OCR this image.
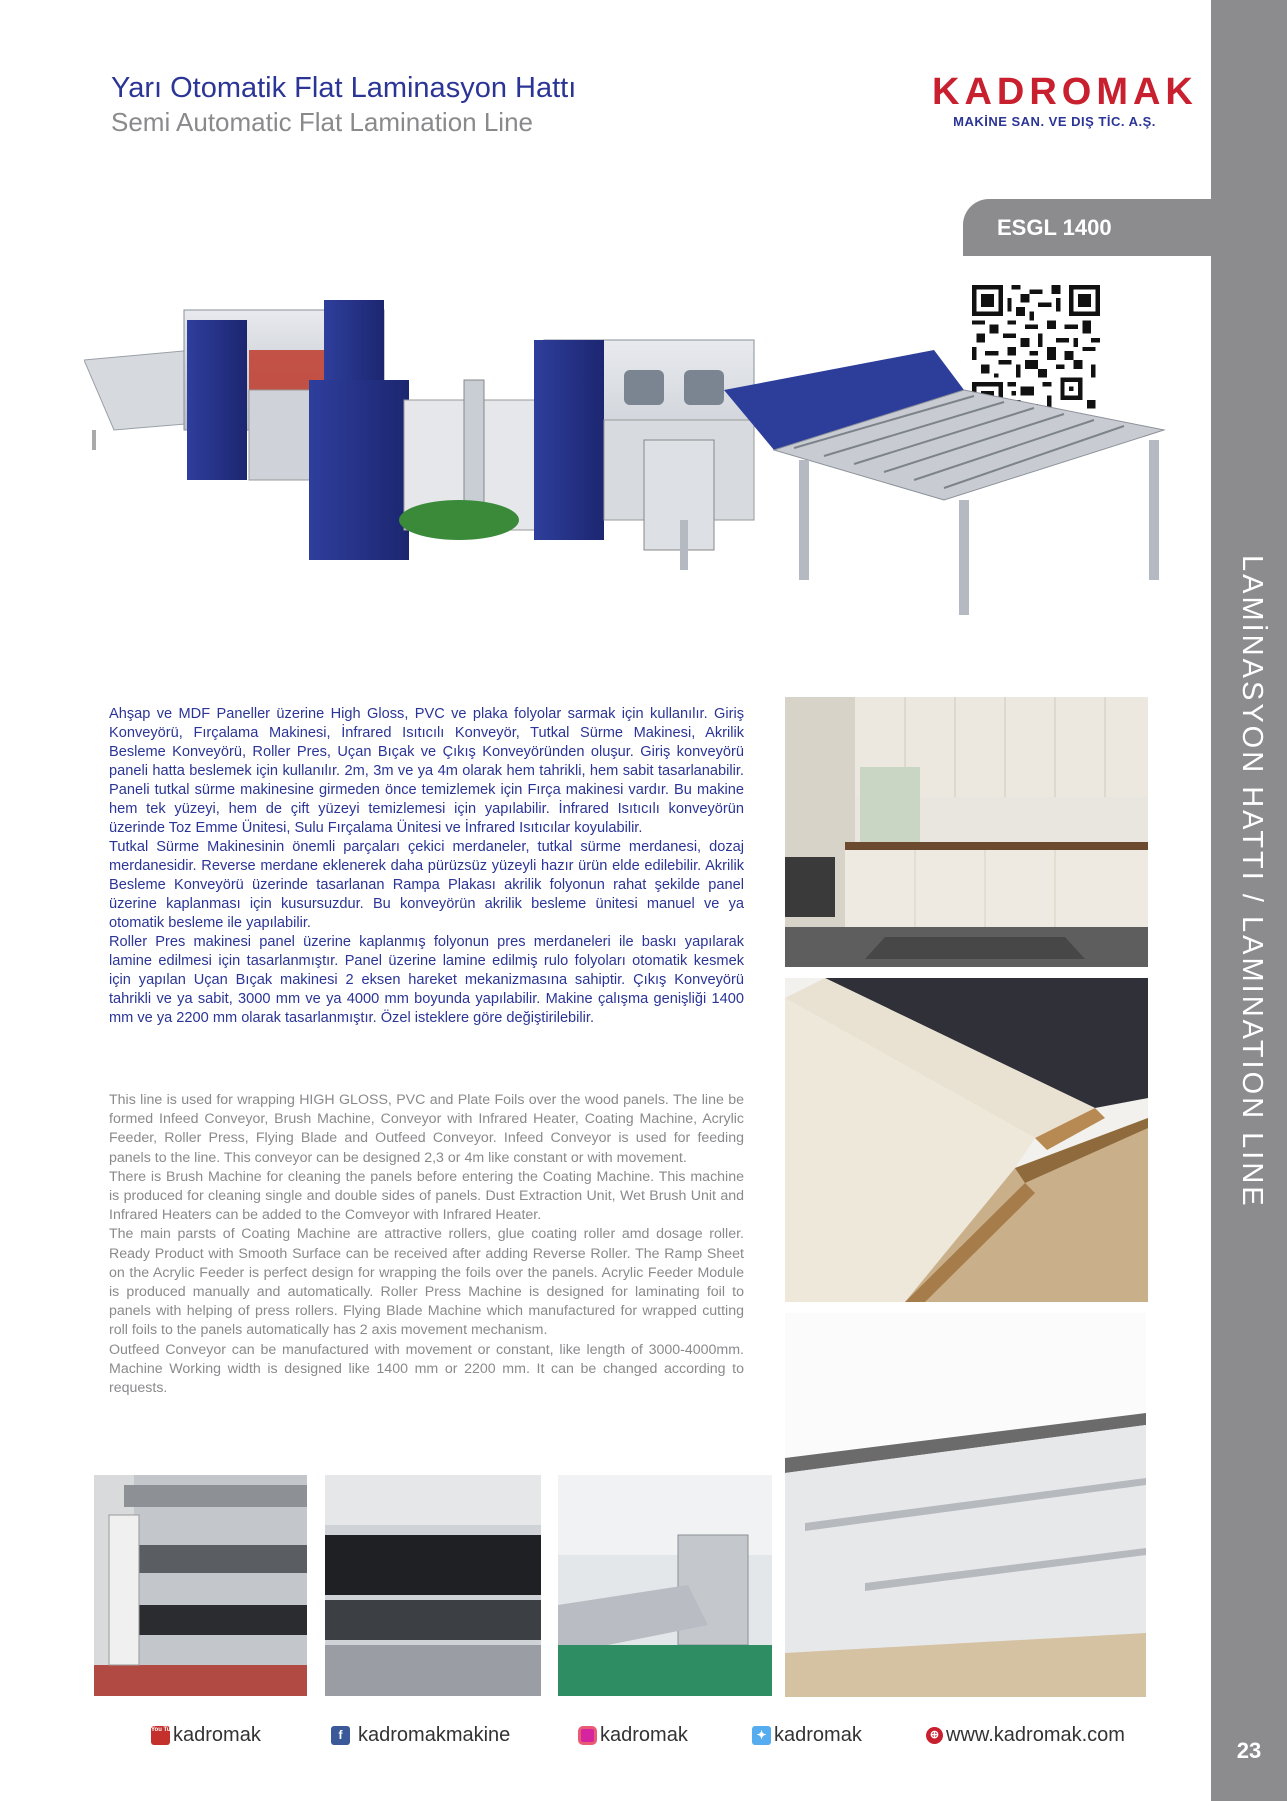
LAMİNASYON HATTI / LAMINATION LINE
23
ESGL 1400
Yarı Otomatik Flat Laminasyon Hattı
Semi Automatic Flat Lamination Line
KADROMAK
MAKİNE SAN. VE DIŞ TİC. A.Ş.

Ahşap ve MDF Paneller üzerine High Gloss, PVC ve plaka folyolar sarmak için kullanılır. Giriş Konveyörü, Fırçalama Makinesi, İnfrared Isıtıcılı Konveyör, Tutkal Sürme Makinesi, Akrilik Besleme Konveyörü, Roller Pres, Uçan Bıçak ve Çıkış Konveyöründen oluşur. Giriş konveyörü paneli hatta beslemek için kullanılır. 2m, 3m ve ya 4m olarak hem tahrikli, hem sabit tasarlanabilir. Paneli tutkal sürme makinesine girmeden önce temizlemek için Fırça makinesi vardır. Bu makine hem tek yüzeyi, hem de çift yüzeyi temizlemesi için yapılabilir. İnfrared Isıtıcılı konveyörün üzerinde Toz Emme Ünitesi, Sulu Fırçalama Ünitesi ve İnfrared Isıtıcılar koyulabilir.

Tutkal Sürme Makinesinin önemli parçaları çekici merdaneler, tutkal sürme merdanesi, dozaj merdanesidir. Reverse merdane eklenerek daha pürüzsüz yüzeyli hazır ürün elde edilebilir. Akrilik Besleme Konveyörü üzerinde tasarlanan Rampa Plakası akrilik folyonun rahat şekilde panel üzerine kaplanması için kusursuzdur. Bu konveyörün akrilik besleme ünitesi manuel ve ya otomatik besleme ile yapılabilir.

Roller Pres makinesi panel üzerine kaplanmış folyonun pres merdaneleri ile baskı yapılarak lamine edilmesi için tasarlanmıştır. Panel üzerine lamine edilmiş rulo folyoları otomatik kesmek için yapılan Uçan Bıçak makinesi 2 eksen hareket mekanizmasına sahiptir. Çıkış Konveyörü tahrikli ve ya sabit, 3000 mm ve ya 4000 mm boyunda yapılabilir. Makine çalışma genişliği 1400 mm ve ya 2200 mm olarak tasarlanmıştır. Özel isteklere göre değiştirilebilir.

This line is used for wrapping HIGH GLOSS, PVC and Plate Foils over the wood panels. The line be formed Infeed Conveyor, Brush Machine, Conveyor with Infrared Heater, Coating Machine, Acrylic Feeder, Roller Press, Flying Blade and Outfeed Conveyor. Infeed Conveyor is used for feeding panels to the line. This conveyor can be designed 2,3 or 4m like constant or with movement.

There is Brush Machine for cleaning the panels before entering the Coating Machine. This machine is produced for cleaning single and double sides of panels. Dust Extraction Unit, Wet Brush Unit and Infrared Heaters can be added to the Comveyor with Infrared Heater.

The main parsts of Coating Machine are attractive rollers, glue coating roller amd dosage roller. Ready Product with Smooth Surface can be received after adding Reverse Roller. The Ramp Sheet on the Acrylic Feeder is perfect design for wrapping the foils over the panels. Acrylic Feeder Module is produced manually and automatically. Roller Press Machine is designed for laminating foil to panels with helping of press rollers. Flying Blade Machine which manufactured for wrapped cutting roll foils to the panels automatically has 2 axis movement mechanism.

Outfeed Conveyor can be manufactured with movement or constant, like length of 3000-4000mm. Machine Working width is designed like 1400 mm or 2200 mm. It can be changed according to requests.

You Tube
kadromak	f kadromakmakine	kadromak	✦ kadromak	⊕ www.kadromak.com
